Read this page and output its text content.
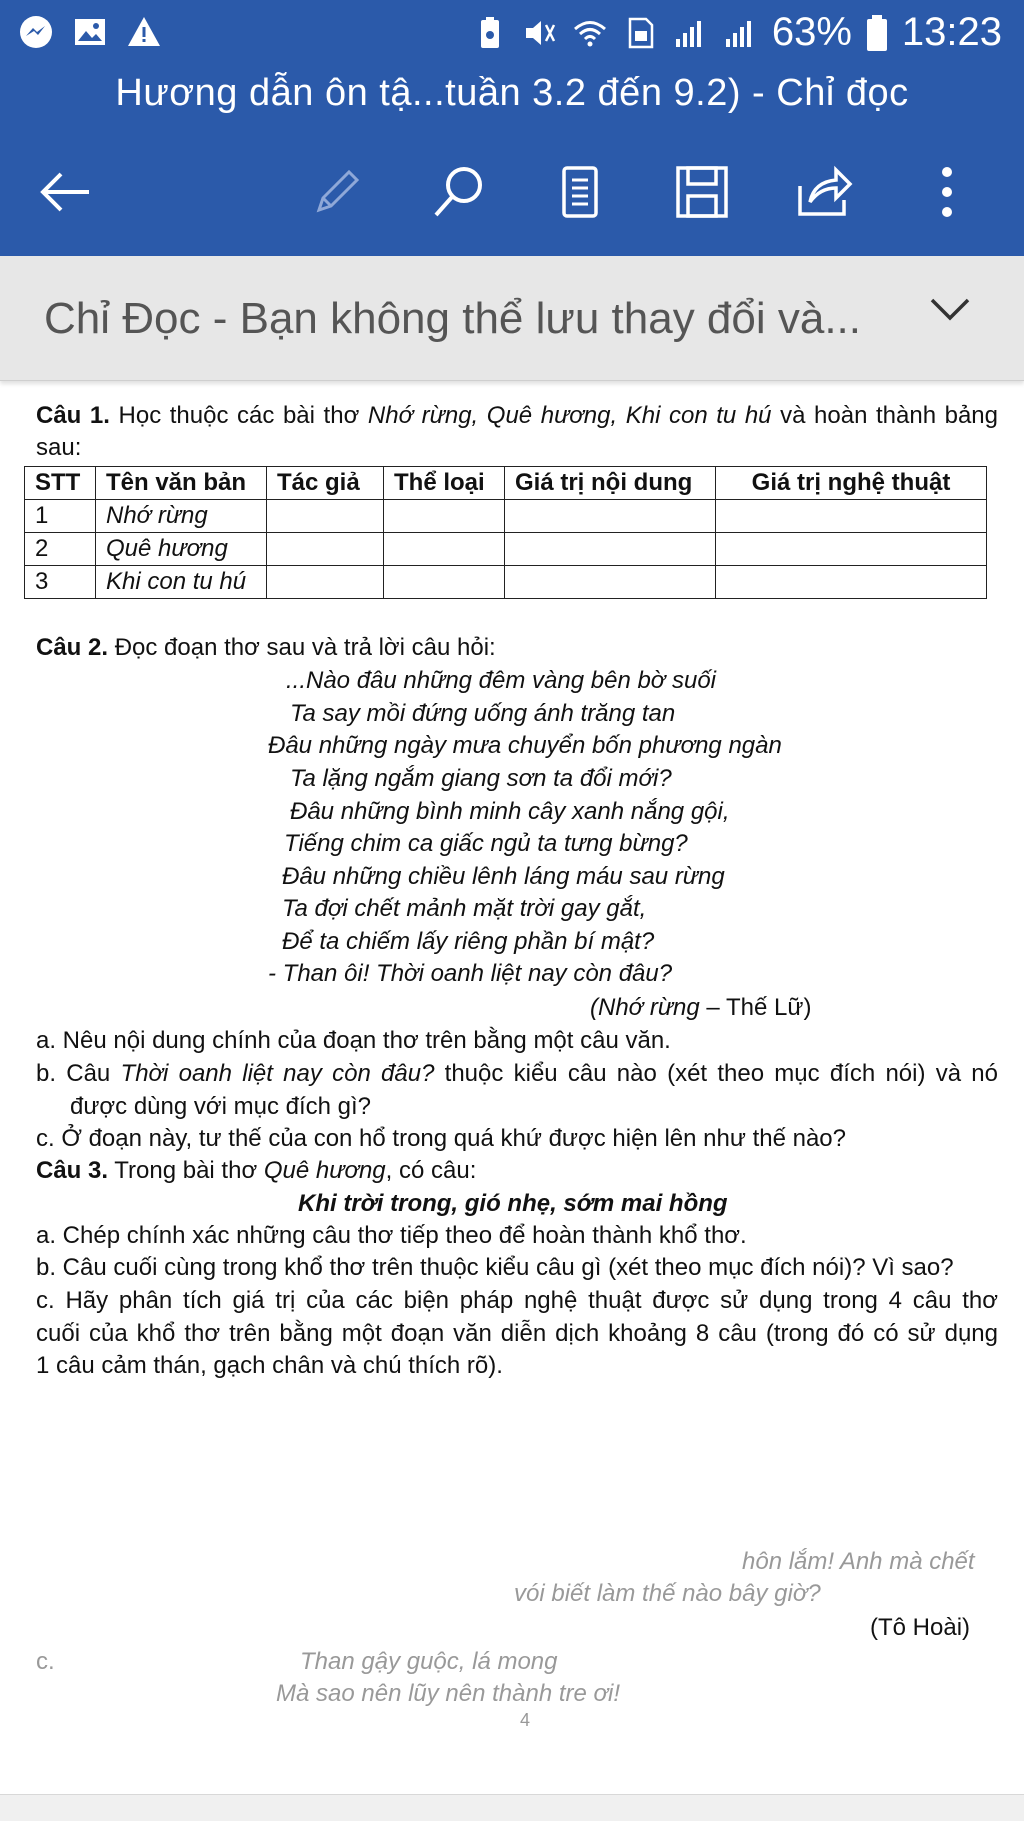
63% 13:23
Hương dẫn ôn tậ...tuần 3.2 đến 9.2) - Chỉ đọc
Chỉ Đọc - Bạn không thể lưu thay đổi và...
Câu 1. Học thuộc các bài thơ Nhớ rừng, Quê hương, Khi con tu hú và hoàn thành bảng
sau:
STT	Tên văn bản	Tác giả	Thể loại	Giá trị nội dung	Giá trị nghệ thuật
1	Nhớ rừng				
2	Quê hương				
3	Khi con tu hú				
Câu 2. Đọc đoạn thơ sau và trả lời câu hỏi:
...Nào đâu những đêm vàng bên bờ suối
Ta say mồi đứng uống ánh trăng tan
Đâu những ngày mưa chuyển bốn phương ngàn
Ta lặng ngắm giang sơn ta đổi mới?
Đâu những bình minh cây xanh nắng gội,
Tiếng chim ca giấc ngủ ta tưng bừng?
Đâu những chiều lênh láng máu sau rừng
Ta đợi chết mảnh mặt trời gay gắt,
Để ta chiếm lấy riêng phần bí mật?
- Than ôi! Thời oanh liệt nay còn đâu?
(Nhớ rừng – Thế Lữ)
a. Nêu nội dung chính của đoạn thơ trên bằng một câu văn.
b. Câu Thời oanh liệt nay còn đâu? thuộc kiểu câu nào (xét theo mục đích nói) và nó
được dùng với mục đích gì?
c. Ở đoạn này, tư thế của con hổ trong quá khứ được hiện lên như thế nào?
Câu 3. Trong bài thơ Quê hương, có câu:
Khi trời trong, gió nhẹ, sớm mai hồng
a. Chép chính xác những câu thơ tiếp theo để hoàn thành khổ thơ.
b. Câu cuối cùng trong khổ thơ trên thuộc kiểu câu gì (xét theo mục đích nói)? Vì sao?
c. Hãy phân tích giá trị của các biện pháp nghệ thuật được sử dụng trong 4 câu thơ
cuối của khổ thơ trên bằng một đoạn văn diễn dịch khoảng 8 câu (trong đó có sử dụng
1 câu cảm thán, gạch chân và chú thích rõ).
hôn lắm! Anh mà chết
vói biết làm thế nào bây giờ?
(Tô Hoài)
c.	Than gậy guộc, lá mong
Mà sao nên lũy nên thành tre ơi!
4
